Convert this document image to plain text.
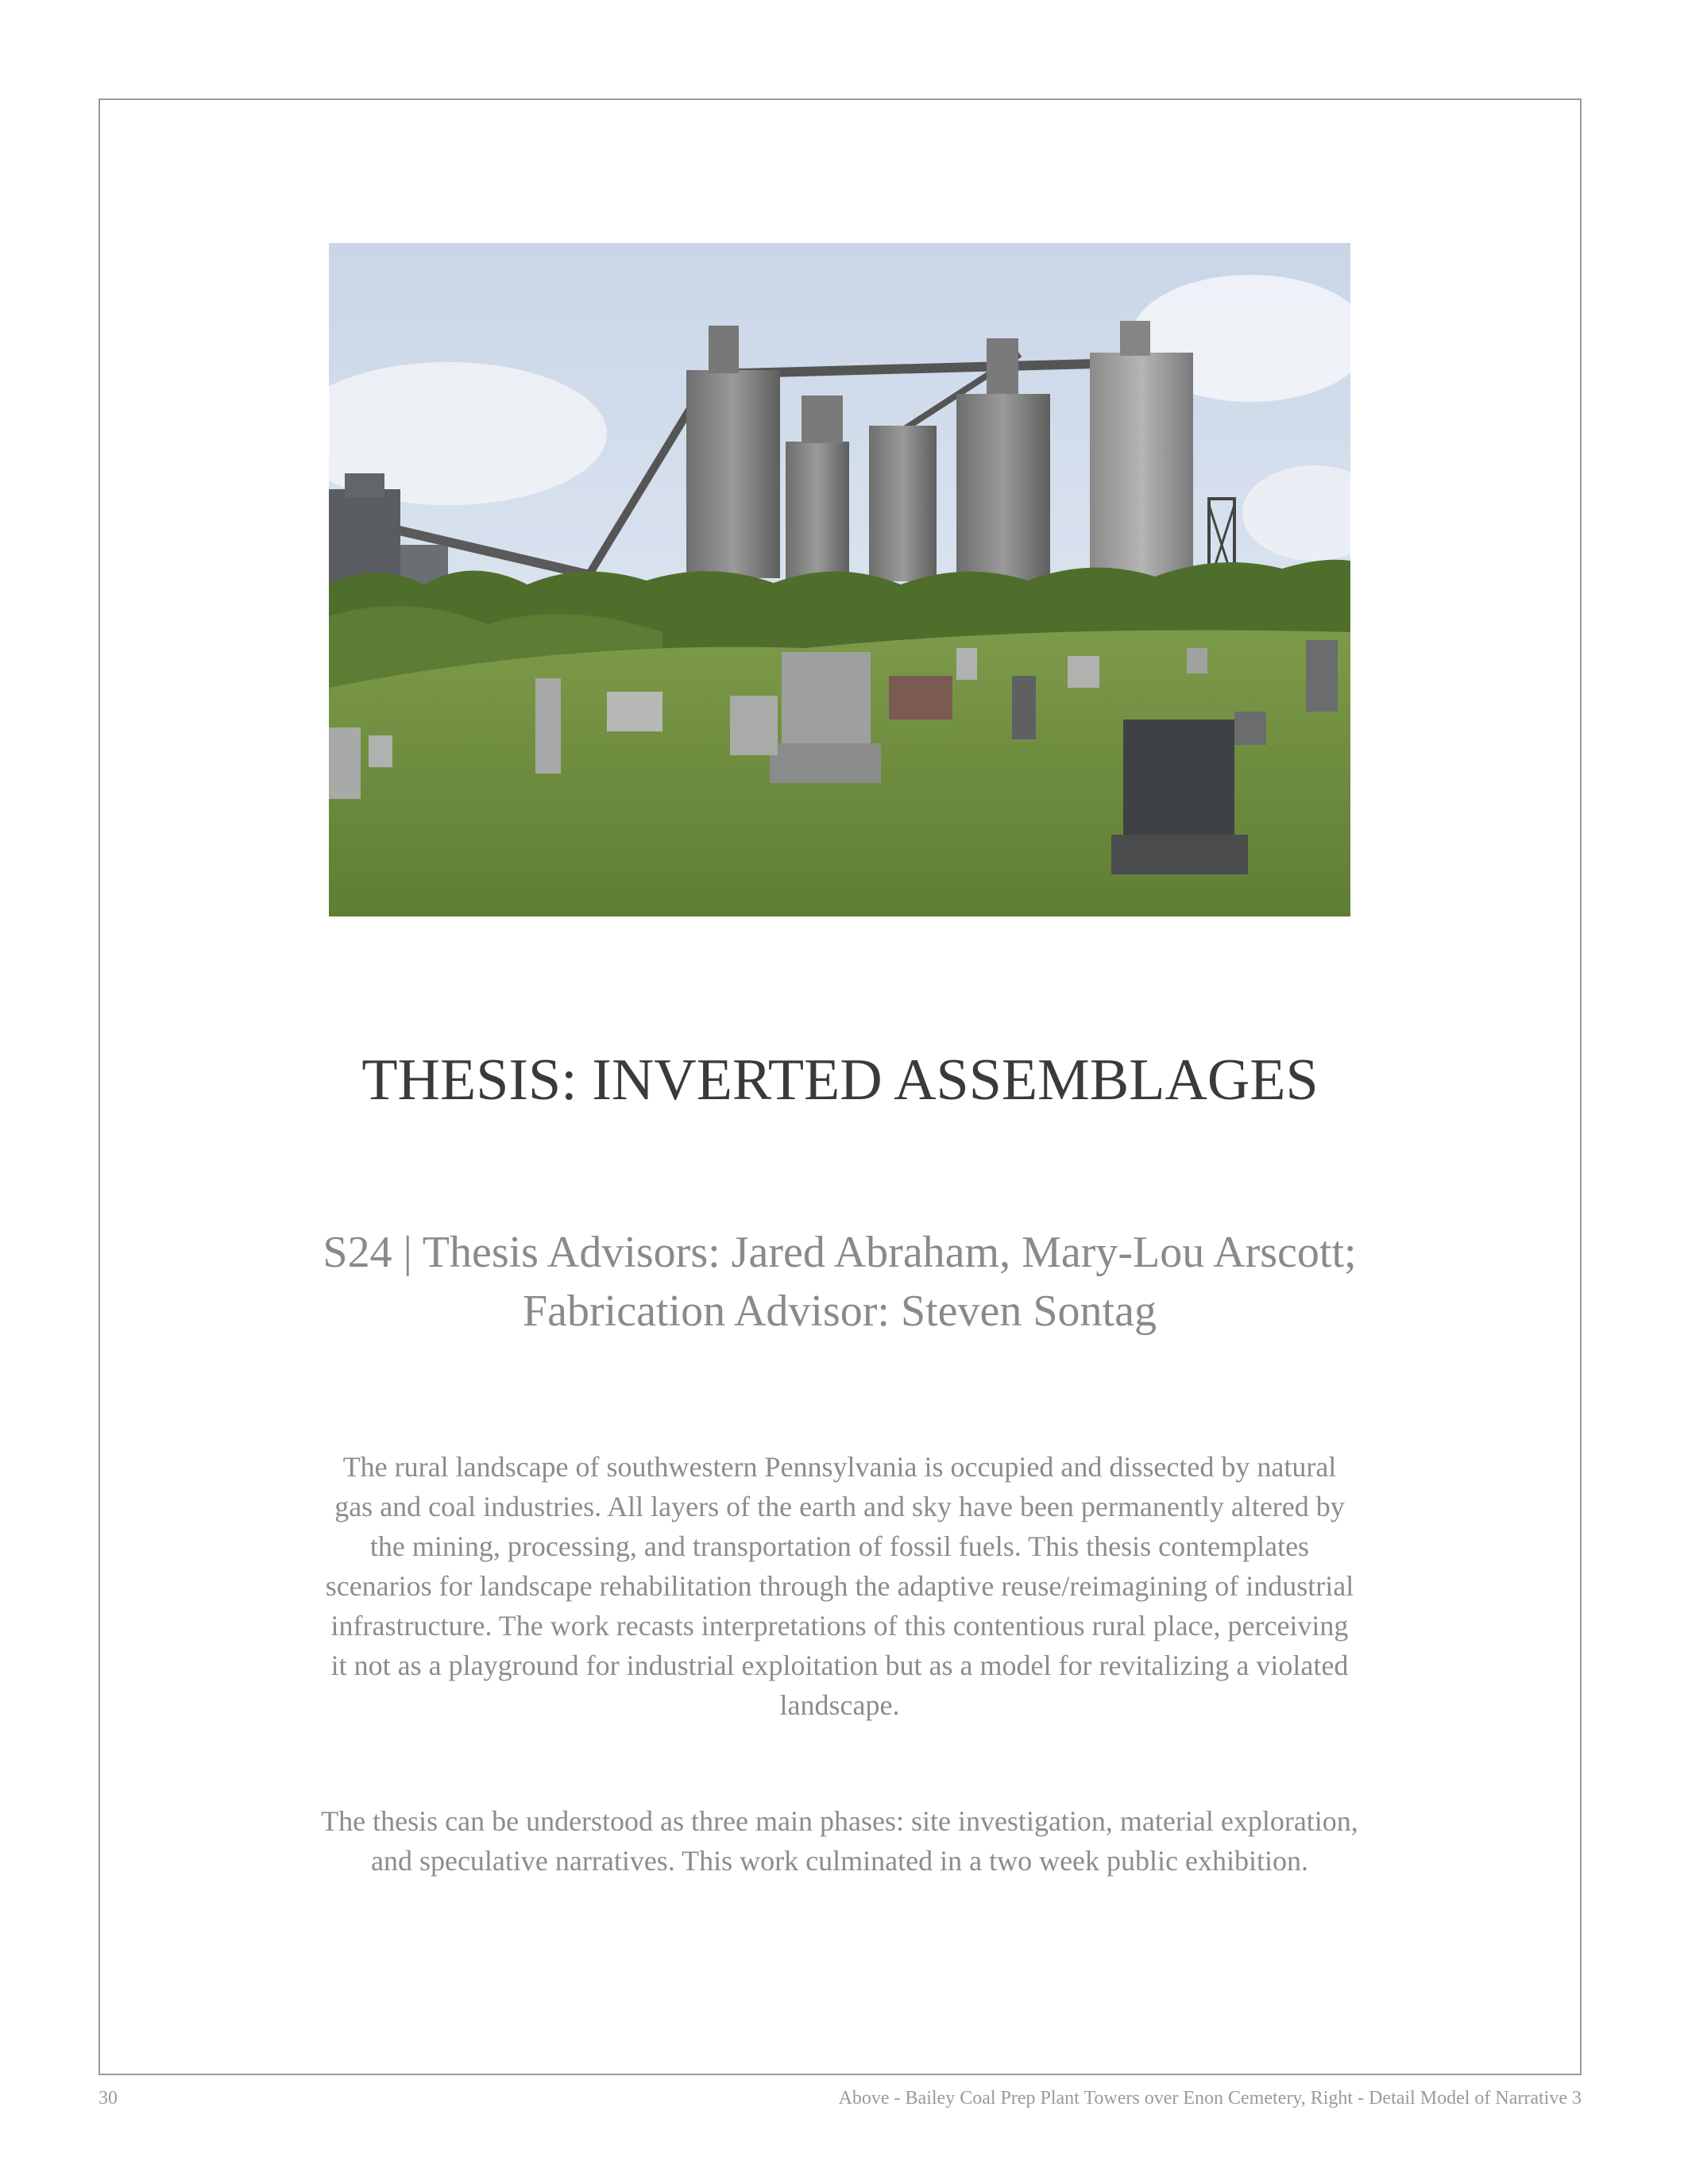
THESIS: INVERTED ASSEMBLAGES
S24 | Thesis Advisors: Jared Abraham, Mary-Lou Arscott; Fabrication Advisor: Steven Sontag
The rural landscape of southwestern Pennsylvania is occupied and dissected by natural gas and coal industries. All layers of the earth and sky have been permanently altered by the mining, processing, and transportation of fossil fuels. This thesis contemplates scenarios for landscape rehabilitation through the adaptive reuse/reimagining of industrial infrastructure. The work recasts interpretations of this contentious rural place, perceiving it not as a playground for industrial exploitation but as a model for revitalizing a violated landscape.
The thesis can be understood as three main phases: site investigation, material exploration, and speculative narratives. This work culminated in a two week public exhibition.
30	Above - Bailey Coal Prep Plant Towers over Enon Cemetery, Right - Detail Model of Narrative 3
